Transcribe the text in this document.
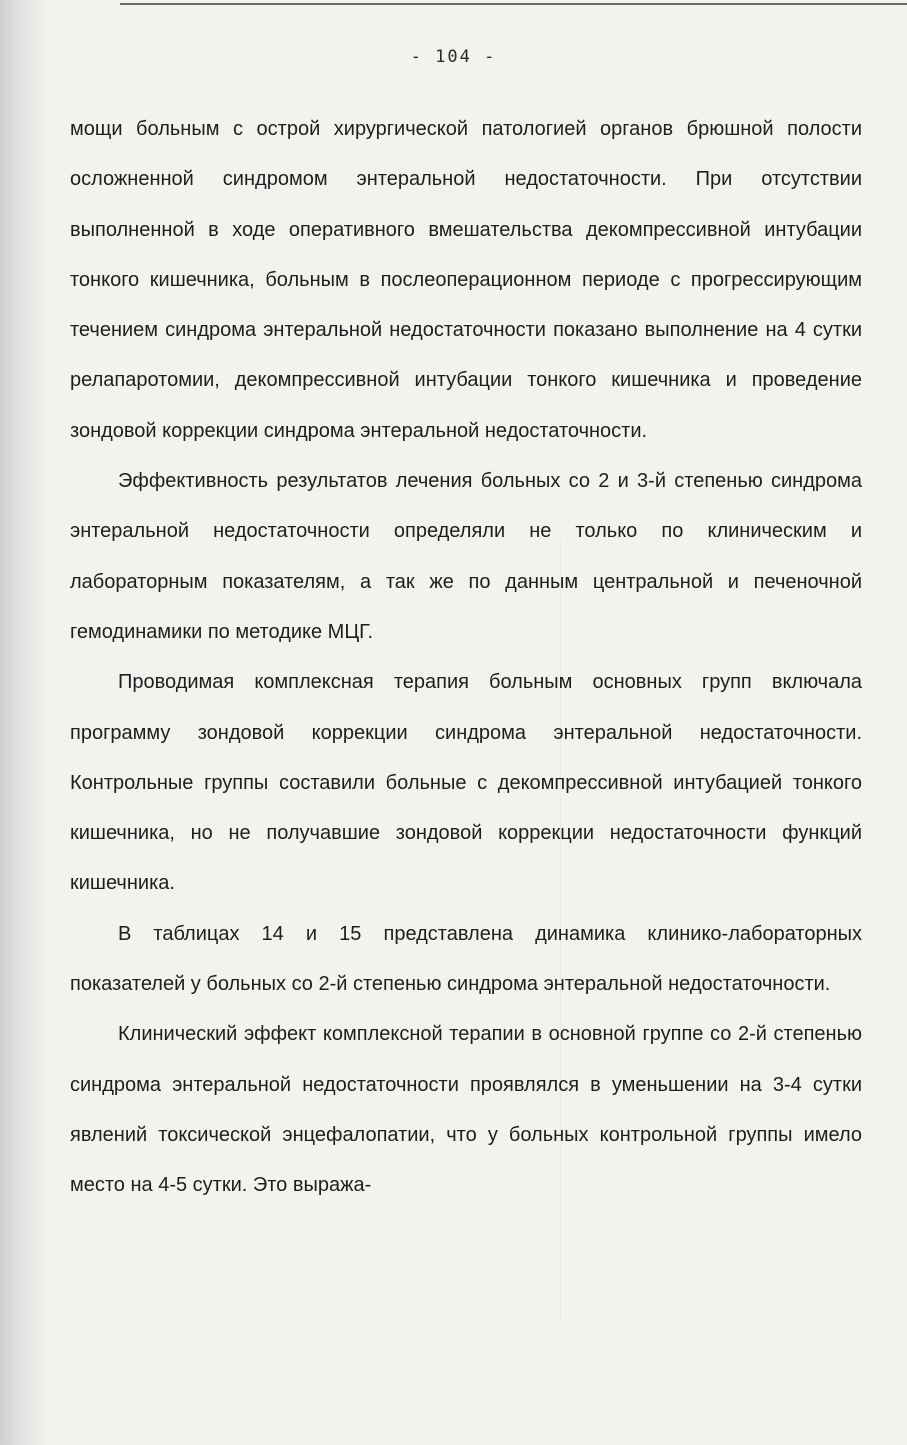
- 104 -

мощи больным с острой хирургической патологией органов брюшной полости осложненной синдромом энтеральной недостаточности. При отсутствии выполненной в ходе оперативного вмешательства декомпрессивной интубации тонкого кишечника, больным в послеоперационном периоде с прогрессирующим течением синдрома энтеральной недостаточности показано выполнение на 4 сутки релапаротомии, декомпрессивной интубации тонкого кишечника и проведение зондовой коррекции синдрома энтеральной недостаточности.

Эффективность результатов лечения больных со 2 и 3-й степенью синдрома энтеральной недостаточности определяли не только по клиническим и лабораторным показателям, а так же по данным центральной и печеночной гемодинамики по методике МЦГ.

Проводимая комплексная терапия больным основных групп включала программу зондовой коррекции синдрома энтеральной недостаточности. Контрольные группы составили больные с декомпрессивной интубацией тонкого кишечника, но не получавшие зондовой коррекции недостаточности функций кишечника.

В таблицах 14 и 15 представлена динамика клинико-лабораторных показателей у больных со 2-й степенью синдрома энтеральной недостаточности.

Клинический эффект комплексной терапии в основной группе со 2-й степенью синдрома энтеральной недостаточности проявлялся в уменьшении на 3-4 сутки явлений токсической энцефалопатии, что у больных контрольной группы имело место на 4-5 сутки. Это выража-
